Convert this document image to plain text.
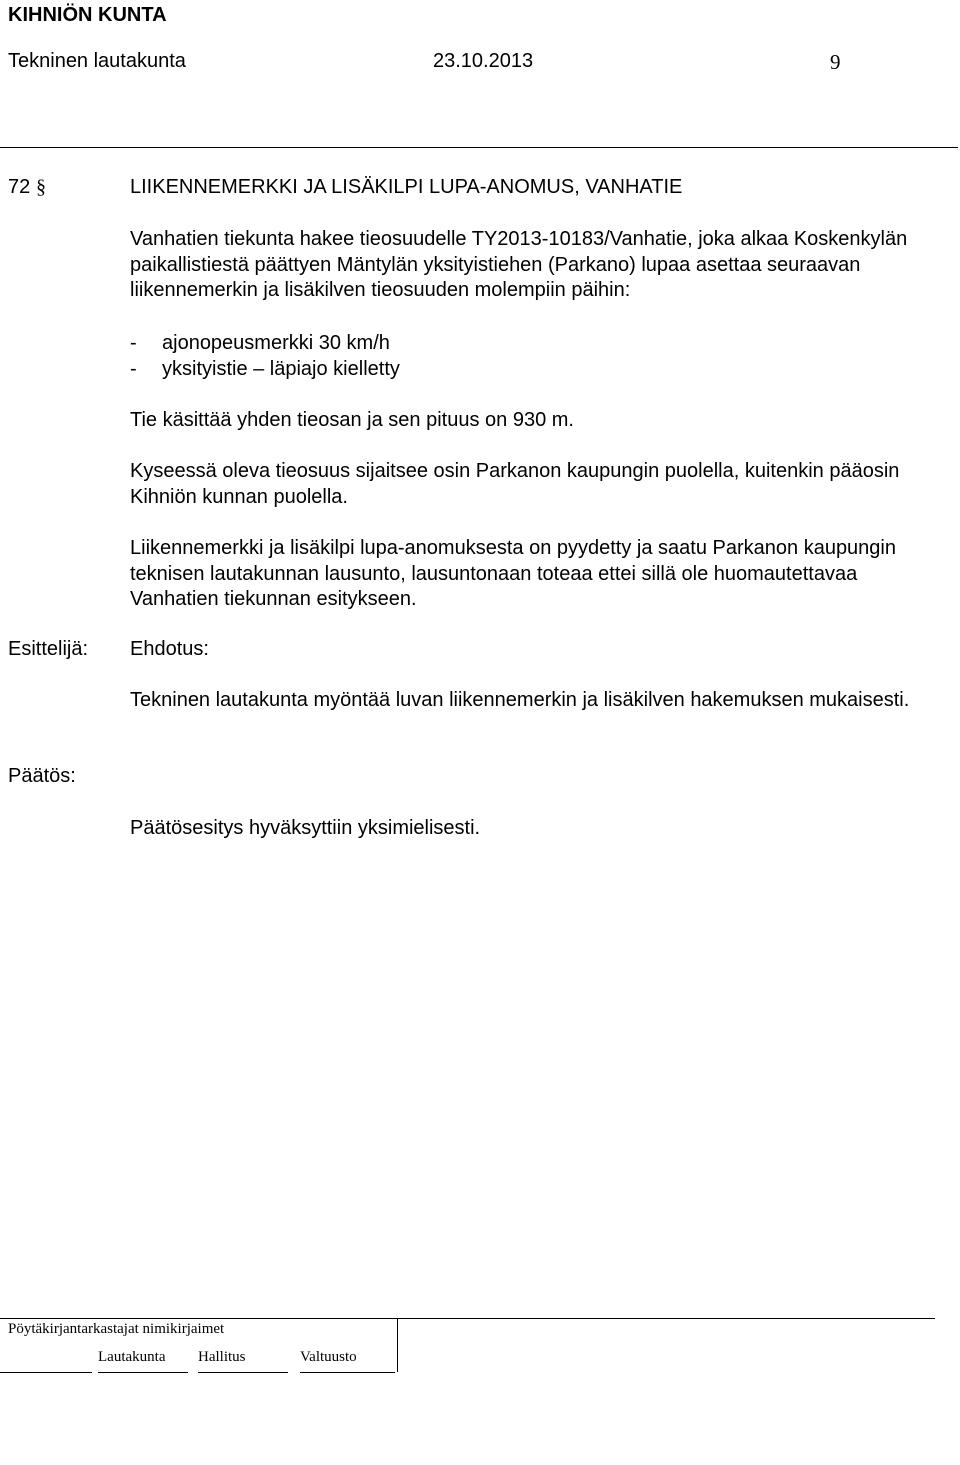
KIHNIÖN KUNTA
Tekninen lautakunta	23.10.2013	9
72 §	LIIKENNEMERKKI JA LISÄKILPI LUPA-ANOMUS, VANHATIE
Vanhatien tiekunta hakee tieosuudelle TY2013-10183/Vanhatie, joka alkaa Koskenkylän paikallistiestä päättyen Mäntylän yksityistiehen (Parkano) lupaa asettaa seuraavan liikennemerkin ja lisäkilven tieosuuden molempiin päihin:
- ajonopeusmerkki 30 km/h
- yksityistie – läpiajo kielletty
Tie käsittää yhden tieosan ja sen pituus on 930 m.
Kyseessä oleva tieosuus sijaitsee osin Parkanon kaupungin puolella, kuitenkin pääosin Kihniön kunnan puolella.
Liikennemerkki ja lisäkilpi lupa-anomuksesta on pyydetty ja saatu Parkanon kaupungin teknisen lautakunnan lausunto, lausuntonaan toteaa ettei sillä ole huomautettavaa Vanhatien tiekunnan esitykseen.
Esittelijä: Ehdotus:
Tekninen lautakunta myöntää luvan liikennemerkin ja lisäkilven hakemuksen mukaisesti.
Päätös:
Päätösesitys hyväksyttiin yksimielisesti.
Pöytäkirjantarkastajat nimikirjaimet
Lautakunta Hallitus	Valtuusto
